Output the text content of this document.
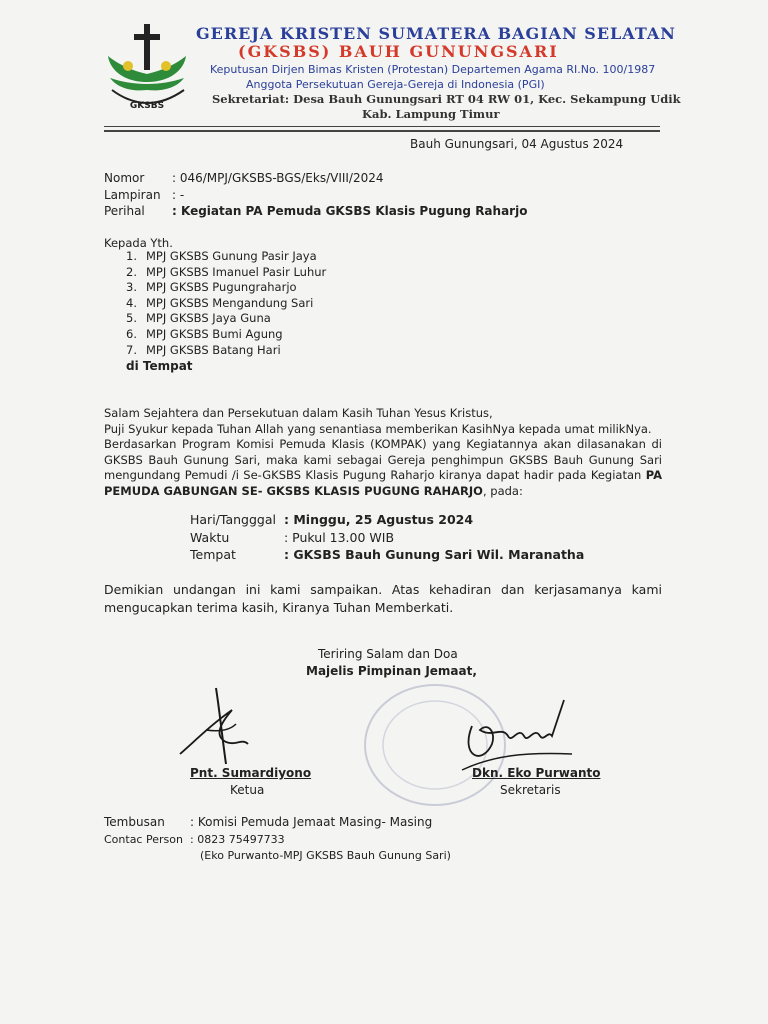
GKSBS
GEREJA KRISTEN SUMATERA BAGIAN SELATAN
(GKSBS) BAUH GUNUNGSARI
Keputusan Dirjen Bimas Kristen (Protestan) Departemen Agama RI.No. 100/1987
Anggota Persekutuan Gereja-Gereja di Indonesia (PGI)
Sekretariat: Desa Bauh Gunungsari RT 04 RW 01, Kec. Sekampung Udik
Kab. Lampung Timur
Bauh Gunungsari, 04 Agustus 2024
Nomor : 046/MPJ/GKSBS-BGS/Eks/VIII/2024
Lampiran : -
Perihal : Kegiatan PA Pemuda GKSBS Klasis Pugung Raharjo
Kepada Yth.
1. MPJ GKSBS Gunung Pasir Jaya
2. MPJ GKSBS Imanuel Pasir Luhur
3. MPJ GKSBS Pugungraharjo
4. MPJ GKSBS Mengandung Sari
5. MPJ GKSBS Jaya Guna
6. MPJ GKSBS Bumi Agung
7. MPJ GKSBS Batang Hari
di Tempat

Salam Sejahtera dan Persekutuan dalam Kasih Tuhan Yesus Kristus,

Puji Syukur kepada Tuhan Allah yang senantiasa memberikan KasihNya kepada umat milikNya.

Berdasarkan Program Komisi Pemuda Klasis (KOMPAK) yang Kegiatannya akan dilasanakan di GKSBS Bauh Gunung Sari, maka kami sebagai Gereja penghimpun GKSBS Bauh Gunung Sari mengundang Pemudi /i Se-GKSBS Klasis Pugung Raharjo kiranya dapat hadir pada Kegiatan PA PEMUDA GABUNGAN SE- GKSBS KLASIS PUGUNG RAHARJO, pada:

Hari/Tangggal : Minggu, 25 Agustus 2024
Waktu	: Pukul 13.00 WIB
Tempat	: GKSBS Bauh Gunung Sari Wil. Maranatha
Demikian undangan ini kami sampaikan. Atas kehadiran dan kerjasamanya kami mengucapkan terima kasih, Kiranya Tuhan Memberkati.
Teriring Salam dan Doa
Majelis Pimpinan Jemaat,
Pnt. Sumardiyono
Ketua
Dkn. Eko Purwanto
Sekretaris
Tembusan : Komisi Pemuda Jemaat Masing- Masing
Contac Person : 0823 75497733
(Eko Purwanto-MPJ GKSBS Bauh Gunung Sari)
